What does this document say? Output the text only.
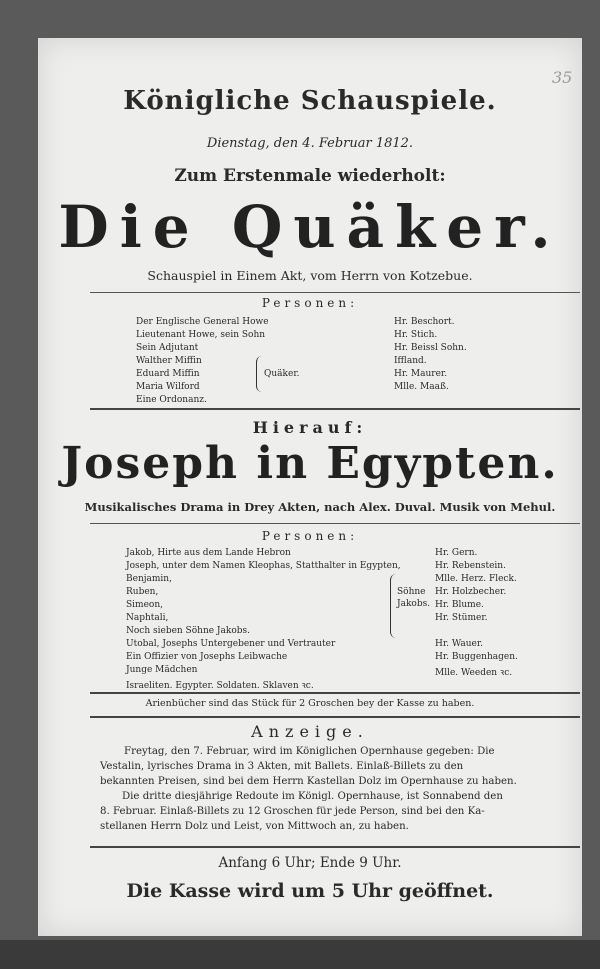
Königliche Schauspiele.
Dienstag, den 4. Februar 1812.
Zum Erstenmale wiederholt:
Die Quäker.
Schauspiel in Einem Akt, vom Herrn von Kotzebue.
Personen:
Der Englische General Howe
Lieutenant Howe, sein Sohn
Sein Adjutant
Walther Miffin
Eduard Miffin
Maria Wilford
Eine Ordonanz.
Quäker.
Hr. Beschort.
Hr. Stich.
Hr. Beissl Sohn.
Iffland.
Hr. Maurer.
Mlle. Maaß.
Hierauf:
Joseph in Egypten.
Musikalisches Drama in Drey Akten, nach Alex. Duval. Musik von Mehul.
Personen:
Jakob, Hirte aus dem Lande Hebron
Joseph, unter dem Namen Kleophas, Statthalter in Egypten,
Benjamin,
Ruben,
Simeon,
Naphtali,
Noch sieben Söhne Jakobs.
Utobal, Josephs Untergebener und Vertrauter
Ein Offizier von Josephs Leibwache
Junge Mädchen
Israeliten. Egypter. Soldaten. Sklaven ꝛc.
Söhne
Jakobs.
Hr. Gern.
Hr. Rebenstein.
Mlle. Herz. Fleck.
Hr. Holzbecher.
Hr. Blume.
Hr. Stümer.
Hr. Wauer.
Hr. Buggenhagen.
Mlle. Weeden ꝛc.
Arienbücher sind das Stück für 2 Groschen bey der Kasse zu haben.
Anzeige.
Freytag, den 7. Februar, wird im Königlichen Opernhause gegeben: Die
Vestalin, lyrisches Drama in 3 Akten, mit Ballets. Einlaß-Billets zu den
bekannten Preisen, sind bei dem Herrn Kastellan Dolz im Opernhause zu haben.
Die dritte diesjährige Redoute im Königl. Opernhause, ist Sonnabend den
8. Februar. Einlaß-Billets zu 12 Groschen für jede Person, sind bei den Ka-
stellanen Herrn Dolz und Leist, von Mittwoch an, zu haben.
Anfang 6 Uhr; Ende 9 Uhr.
Die Kasse wird um 5 Uhr geöffnet.
35
